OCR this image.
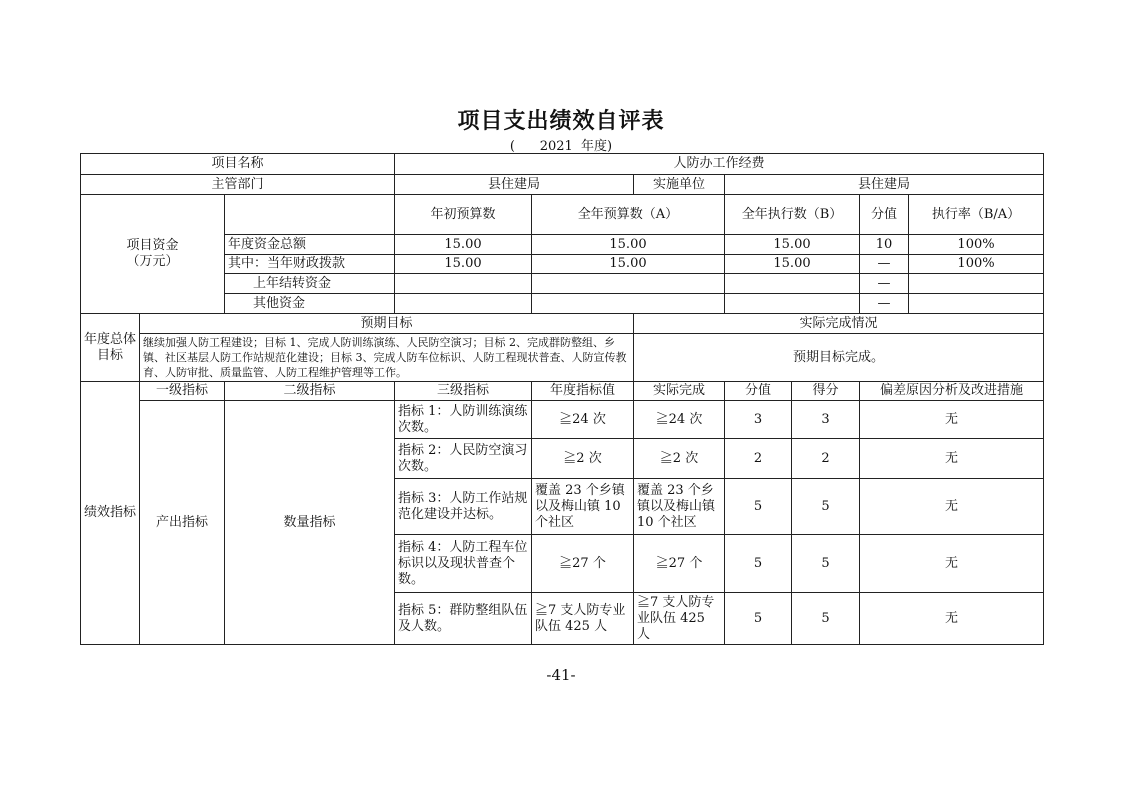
项目支出绩效自评表
(      2021  年度)
项目名称			人防办工作经费							
主管部门			县住建局		实施单位	县住建局				
项目资金
（万元）			年初预算数	全年预算数（A）		全年执行数（B）		分值	执行率（B/A）	
		年度资金总额	15.00	15.00		15.00		10	100%	
		其中：当年财政拨款	15.00	15.00		15.00		—	100%	
		上年结转资金						—		
		其他资金						—		
年度总体目标	预期目标				实际完成情况					
	继续加强人防工程建设；目标 1、完成人防训练演练、人民防空演习；目标 2、完成群防整组、乡镇、社区基层人防工作站规范化建设；目标 3、完成人防车位标识、人防工程现状普查、人防宣传教育、人防审批、质量监管、人防工程维护管理等工作。				预期目标完成。					
绩效指标	一级指标	二级指标	三级指标	年度指标值	实际完成	分值	得分	偏差原因分析及改进措施		
	产出指标	数量指标	指标 1：人防训练演练次数。	≧24 次	≧24 次	3	3	无		
			指标 2：人民防空演习次数。	≧2 次	≧2 次	2	2	无		
			指标 3：人防工作站规范化建设并达标。	覆盖 23 个乡镇以及梅山镇 10 个社区	覆盖 23 个乡镇以及梅山镇 10 个社区	5	5	无		
			指标 4：人防工程车位标识以及现状普查个数。	≧27 个	≧27 个	5	5	无		
			指标 5：群防整组队伍及人数。	≧7 支人防专业队伍 425 人	≧7 支人防专业队伍 425 人	5	5	无		
-41-
